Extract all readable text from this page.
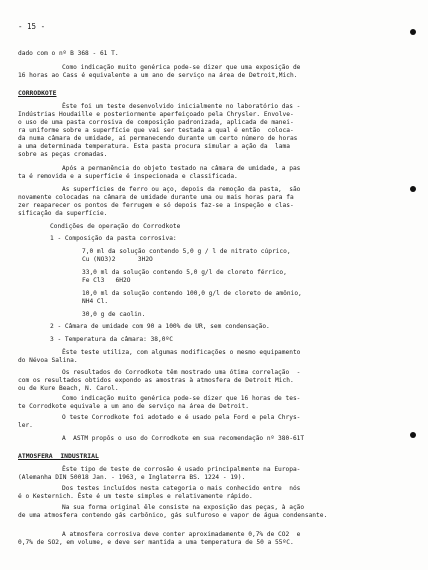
- 15 -
dado com o nº B 368 - 61 T.
Como indicação muito genérica pode-se dizer que uma exposição de
16 horas ao Cass é equivalente a um ano de serviço na área de Detroit,Mich.
CORRODKOTE
Êste foi um teste desenvolvido inicialmente no laboratório das -
Indústrias Houdaille e posteriormente aperfeiçoado pela Chrysler. Envolve-
o uso de uma pasta corrosiva de composição padronizada, aplicada de manei-
ra uniforme sobre a superfície que vai ser testada a qual é então  coloca-
da numa câmara de umidade, aí permanecendo durante um certo número de horas
a uma determinada temperatura. Esta pasta procura simular a ação da  lama
sobre as peças cromadas.
Após a permanência do objeto testado na câmara de umidade, a pas
ta é removida e a superfície é inspecionada e classificada.
As superfícies de ferro ou aço, depois da remoção da pasta,  são
novamente colocadas na câmara de umidade durante uma ou mais horas para fa
zer reaparecer os pontos de ferrugem e só depois faz-se a inspeção e clas-
sificação da superfície.
Condições de operação do Corrodkote
1 - Composição da pasta corrosiva:
7,0 ml da solução contendo 5,0 g / l de nitrato cúprico,
Cu (NO3)2      3H2O
33,0 ml da solução contendo 5,0 g/l de cloreto férrico,
Fe Cl3   6H2O
10,0 ml da solução contendo 100,0 g/l de cloreto de amônio,
NH4 Cl.
30,0 g de caolin.
2 - Câmara de umidade com 90 a 100% de UR, sem condensação.
3 - Temperatura da câmara: 38,0ºC
Êste teste utiliza, com algumas modificações o mesmo equipamento
do Névoa Salina.
Os resultados do Corrodkote têm mostrado uma ótima correlação  -
com os resultados obtidos expondo as amostras à atmosfera de Detroit Mich.
ou de Kure Beach, N. Carol.
Como indicação muito genérica pode-se dizer que 16 horas de tes-
te Corrodkote equivale a um ano de serviço na área de Detroit.
O teste Corrodkote foi adotado e é usado pela Ford e pela Chrys-
ler.
A  ASTM propôs o uso do Corrodkote em sua recomendação nº 380-61T
ATMOSFERA  INDUSTRIAL
Êste tipo de teste de corrosão é usado principalmente na Europa-
(Alemanha DIN 50018 Jan. - 1963, e Inglaterra BS. 1224 - 19).
Dos testes incluídos nesta categoria o mais conhecido entre  nós
é o Kesternich. Êste é um teste simples e relativamente rápido.
Na sua forma original êle consiste na exposição das peças, à ação
de uma atmosfera contendo gás carbônico, gás sulfuroso e vapor de água condensante.
A atmosfera corrosiva deve conter aproximadamente 0,7% de CO2  e
0,7% de SO2, em volume, e deve ser mantida a uma temperatura de 50 a 55ºC.
